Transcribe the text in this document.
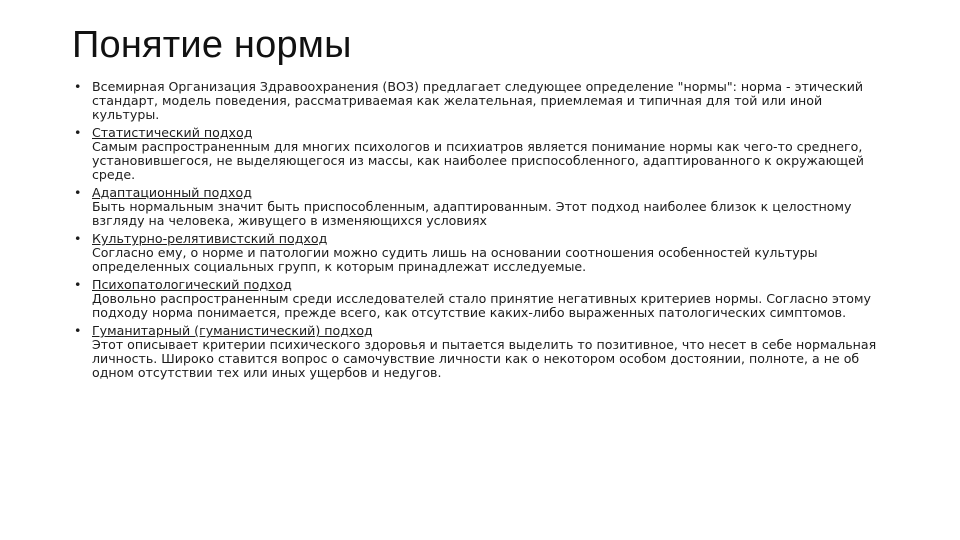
Понятие нормы
• Всемирная Организация Здравоохранения (ВОЗ) предлагает следующее определение "нормы": норма - этический стандарт, модель поведения, рассматриваемая как желательная, приемлемая и типичная для той или иной культуры.
• Статистический подход
Самым распространенным для многих психологов и психиатров является понимание нормы как чего-то среднего, установившегося, не выделяющегося из массы, как наиболее приспособленного, адаптированного к окружающей среде.
• Адаптационный подход
Быть нормальным значит быть приспособленным, адаптированным. Этот подход наиболее близок к целостному взгляду на человека, живущего в изменяющихся условиях
• Культурно-релятивистский подход
Согласно ему, о норме и патологии можно судить лишь на основании соотношения особенностей культуры определенных социальных групп, к которым принадлежат исследуемые.
• Психопатологический подход
Довольно распространенным среди исследователей стало принятие негативных критериев нормы. Согласно этому подходу норма понимается, прежде всего, как отсутствие каких-либо выраженных патологических симптомов.
• Гуманитарный (гуманистический) подход
Этот описывает критерии психического здоровья и пытается выделить то позитивное, что несет в себе нормальная личность. Широко ставится вопрос о самочувствие личности как о некотором особом достоянии, полноте, а не об одном отсутствии тех или иных ущербов и недугов.
